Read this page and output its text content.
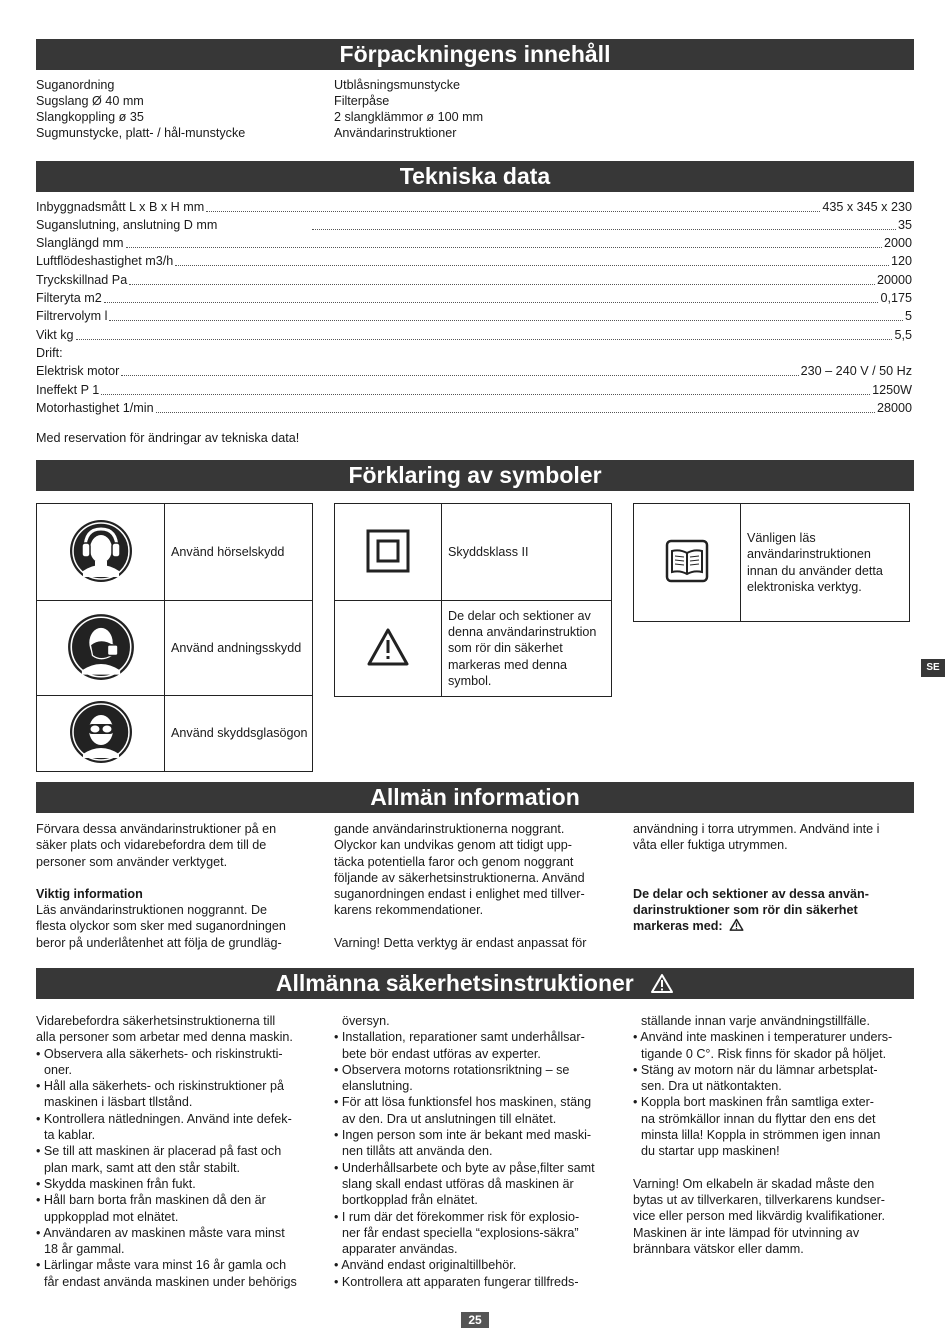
Förpackningens innehåll
Tekniska data
Förklaring av symboler
Allmän information
Allmänna säkerhetsinstruktioner
Suganordning
Sugslang Ø 40 mm
Slangkoppling ø 35
Sugmunstycke, platt- / hål-munstycke
Utblåsningsmunstycke
Filterpåse
2 slangklämmor ø 100 mm
Användarinstruktioner
Inbyggnadsmått L x B x H mm	435 x 345 x 230
Suganslutning, anslutning D mm	35
Slanglängd mm	2000
Luftflödeshastighet m3/h	120
Tryckskillnad Pa	20000
Filteryta m2	0,175
Filtrervolym l	5
Vikt kg	5,5
Drift:
Elektrisk motor	230 – 240 V / 50 Hz
Ineffekt P 1	1250W
Motorhastighet 1/min	28000
Med reservation för ändringar av tekniska data!
	Använd hörselskydd
	Använd andningsskydd
	Använd skyddsglasögon
	Skyddsklass II
	De delar och sektioner av denna användarinstruktion som rör din säkerhet markeras med denna symbol.
	Vänligen läs användarinstruktionen innan du använder detta elektroniska verktyg.
SE

Förvara dessa användarinstruktioner på en

säker plats och vidarebefordra dem till de

personer som använder verktyget.

Viktig information

Läs användarinstruktionen noggrannt. De

flesta olyckor som sker med suganordningen

beror på underlåtenhet att följa de grundläg-

gande användarinstruktionerna noggrant.

Olyckor kan undvikas genom att tidigt upp-

täcka potentiella faror och genom noggrant

följande av säkerhetsinstruktionerna. Använd

suganordningen endast i enlighet med tillver-

karens rekommendationer.

Varning! Detta verktyg är endast anpassat för

användning i torra utrymmen. Andvänd inte i

våta eller fuktiga utrymmen.

De delar och sektioner av dessa använ-

darinstruktioner som rör din säkerhet

markeras med:

Vidarebefordra säkerhetsinstruktionerna till

alla personer som arbetar med denna maskin.

• Observera alla säkerhets- och riskinstrukti-

oner.

• Håll alla säkerhets- och riskinstruktioner på

maskinen i läsbart tllstånd.

• Kontrollera nätledningen. Använd inte defek-

ta kablar.

• Se till att maskinen är placerad på fast och

plan mark, samt att den står stabilt.

• Skydda maskinen från fukt.

• Håll barn borta från maskinen då den är

uppkopplad mot elnätet.

• Användaren av maskinen måste vara minst

18 år gammal.

• Lärlingar måste vara minst 16 år gamla och

får endast använda maskinen under behörigs

översyn.

• Installation, reparationer samt underhållsar-

bete bör endast utföras av experter.

• Observera motorns rotationsriktning – se

elanslutning.

• För att lösa funktionsfel hos maskinen, stäng

av den. Dra ut anslutningen till elnätet.

• Ingen person som inte är bekant med maski-

nen tillåts att använda den.

• Underhållsarbete och byte av påse,filter samt

slang skall endast utföras då maskinen är

bortkopplad från elnätet.

• I rum där det förekommer risk för explosio-

ner får endast speciella “explosions-säkra”

apparater användas.

• Använd endast originaltillbehör.

• Kontrollera att apparaten fungerar tillfreds-

ställande innan varje användningstillfälle.

• Använd inte maskinen i temperaturer unders-

tigande 0 C°. Risk finns för skador på höljet.

• Stäng av motorn när du lämnar arbetsplat-

sen. Dra ut nätkontakten.

• Koppla bort maskinen från samtliga exter-

na strömkällor innan du flyttar den ens det

minsta lilla! Koppla in strömmen igen innan

du startar upp maskinen!

Varning! Om elkabeln är skadad måste den

bytas ut av tillverkaren, tillverkarens kundser-

vice eller person med likvärdig kvalifikationer.

Maskinen är inte lämpad för utvinning av

brännbara vätskor eller damm.

25
